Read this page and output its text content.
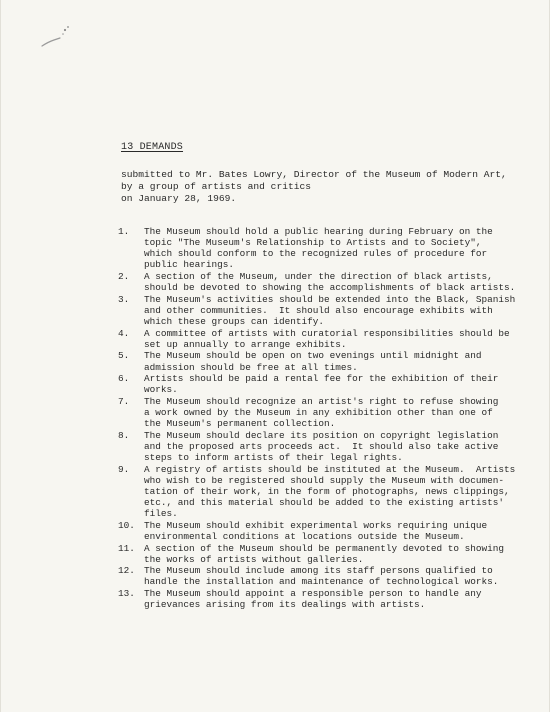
13 DEMANDS
submitted to Mr. Bates Lowry, Director of the Museum of Modern Art,
by a group of artists and critics
on January 28, 1969.
1.	The Museum should hold a public hearing during February on the
topic "The Museum's Relationship to Artists and to Society",
which should conform to the recognized rules of procedure for
public hearings.
2.	A section of the Museum, under the direction of black artists,
should be devoted to showing the accomplishments of black artists.
3.	The Museum's activities should be extended into the Black, Spanish
and other communities.  It should also encourage exhibits with
which these groups can identify.
4.	A committee of artists with curatorial responsibilities should be
set up annually to arrange exhibits.
5.	The Museum should be open on two evenings until midnight and
admission should be free at all times.
6.	Artists should be paid a rental fee for the exhibition of their
works.
7.	The Museum should recognize an artist's right to refuse showing
a work owned by the Museum in any exhibition other than one of
the Museum's permanent collection.
8.	The Museum should declare its position on copyright legislation
and the proposed arts proceeds act.  It should also take active
steps to inform artists of their legal rights.
9.	A registry of artists should be instituted at the Museum.  Artists
who wish to be registered should supply the Museum with documen-
tation of their work, in the form of photographs, news clippings,
etc., and this material should be added to the existing artists'
files.
10. The Museum should exhibit experimental works requiring unique
environmental conditions at locations outside the Museum.
11. A section of the Museum should be permanently devoted to showing
the works of artists without galleries.
12. The Museum should include among its staff persons qualified to
handle the installation and maintenance of technological works.
13. The Museum should appoint a responsible person to handle any
grievances arising from its dealings with artists.
